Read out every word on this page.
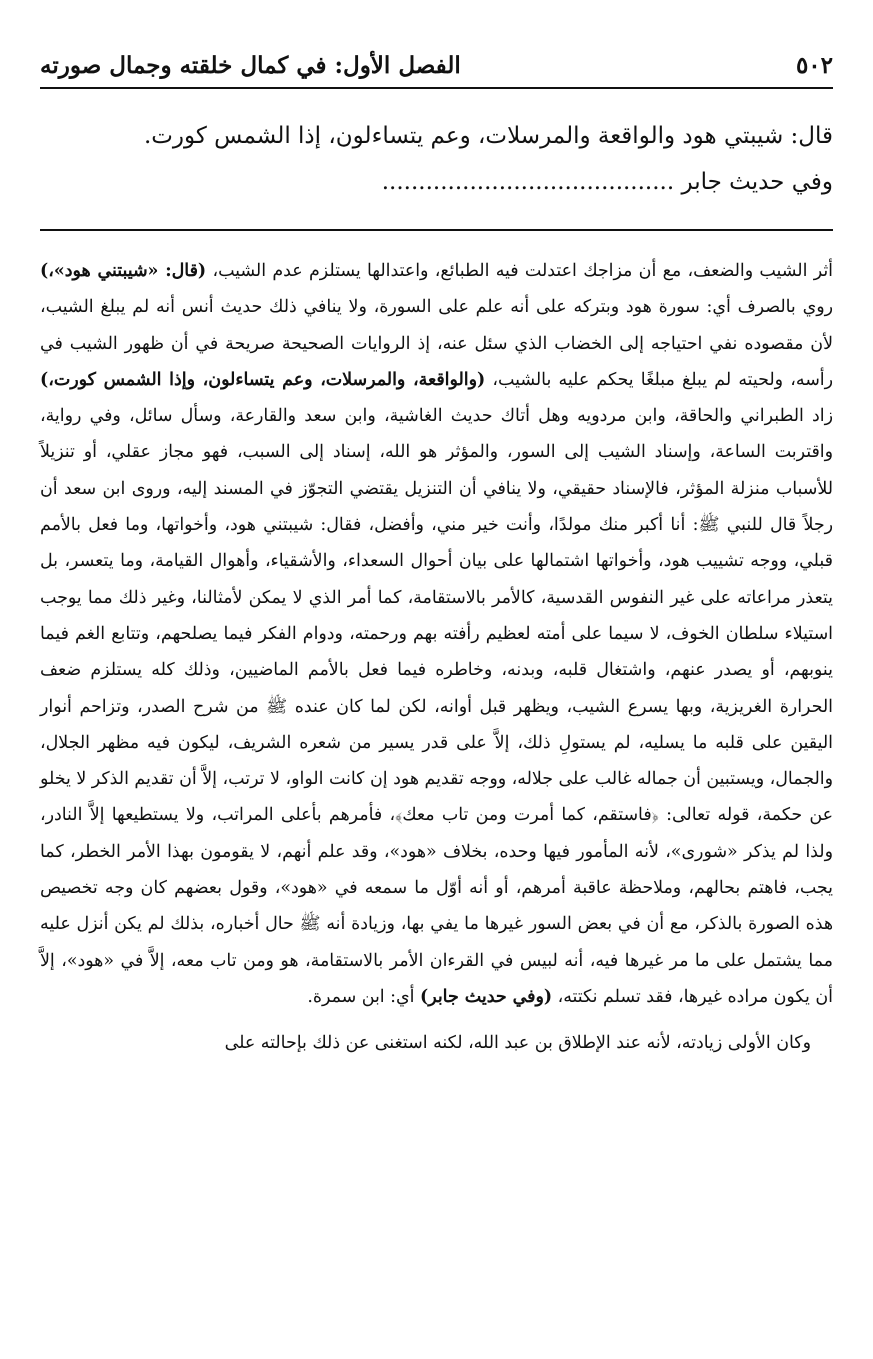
٥٠٢
الفصل الأول: في كمال خلقته وجمال صورته

قال: شيبتي هود والواقعة والمرسلات، وعم يتساءلون، إذا الشمس كورت.

وفي حديث جابر ........................................

أثر الشيب والضعف، مع أن مزاجك اعتدلت فيه الطبائع، واعتدالها يستلزم عدم الشيب، (قال: «شيبتني هود»،) روي بالصرف أي: سورة هود وبتركه على أنه علم على السورة، ولا ينافي ذلك حديث أنس أنه لم يبلغ الشيب، لأن مقصوده نفي احتياجه إلى الخضاب الذي سئل عنه، إذ الروايات الصحيحة صريحة في أن ظهور الشيب في رأسه، ولحيته لم يبلغ مبلغًا يحكم عليه بالشيب، (والواقعة، والمرسلات، وعم يتساءلون، وإذا الشمس كورت،) زاد الطبراني والحاقة، وابن مردويه وهل أتاك حديث الغاشية، وابن سعد والقارعة، وسأل سائل، وفي رواية، واقتربت الساعة، وإسناد الشيب إلى السور، والمؤثر هو الله، إسناد إلى السبب، فهو مجاز عقلي، أو تنزيلاً للأسباب منزلة المؤثر، فالإسناد حقيقي، ولا ينافي أن التنزيل يقتضي التجوّز في المسند إليه، وروى ابن سعد أن رجلاً قال للنبي ﷺ: أنا أكبر منك مولدًا، وأنت خير مني، وأفضل، فقال: شيبتني هود، وأخواتها، وما فعل بالأمم قبلي، ووجه تشييب هود، وأخواتها اشتمالها على بيان أحوال السعداء، والأشقياء، وأهوال القيامة، وما يتعسر، بل يتعذر مراعاته على غير النفوس القدسية، كالأمر بالاستقامة، كما أمر الذي لا يمكن لأمثالنا، وغير ذلك مما يوجب استيلاء سلطان الخوف، لا سيما على أمته لعظيم رأفته بهم ورحمته، ودوام الفكر فيما يصلحهم، وتتابع الغم فيما ينوبهم، أو يصدر عنهم، واشتغال قلبه، وبدنه، وخاطره فيما فعل بالأمم الماضيين، وذلك كله يستلزم ضعف الحرارة الغريزية، وبها يسرع الشيب، ويظهر قبل أوانه، لكن لما كان عنده ﷺ من شرح الصدر، وتزاحم أنوار اليقين على قلبه ما يسليه، لم يستولِ ذلك، إلاَّ على قدر يسير من شعره الشريف، ليكون فيه مظهر الجلال، والجمال، ويستبين أن جماله غالب على جلاله، ووجه تقديم هود إن كانت الواو، لا ترتب، إلاَّ أن تقديم الذكر لا يخلو عن حكمة، قوله تعالى: ﴿فاستقم، كما أمرت ومن تاب معك﴾، فأمرهم بأعلى المراتب، ولا يستطيعها إلاَّ النادر، ولذا لم يذكر «شورى»، لأنه المأمور فيها وحده، بخلاف «هود»، وقد علم أنهم، لا يقومون بهذا الأمر الخطر، كما يجب، فاهتم بحالهم، وملاحظة عاقبة أمرهم، أو أنه أوّل ما سمعه في «هود»، وقول بعضهم كان وجه تخصيص هذه الصورة بالذكر، مع أن في بعض السور غيرها ما يفي بها، وزيادة أنه ﷺ حال أخباره، بذلك لم يكن أنزل عليه مما يشتمل على ما مر غيرها فيه، أنه لبيس في القرءان الأمر بالاستقامة، هو ومن تاب معه، إلاَّ في «هود»، إلاَّ أن يكون مراده غيرها، فقد تسلم نكتته، (وفي حديث جابر) أي: ابن سمرة.

وكان الأولى زيادته، لأنه عند الإطلاق بن عبد الله، لكنه استغنى عن ذلك بإحالته على
